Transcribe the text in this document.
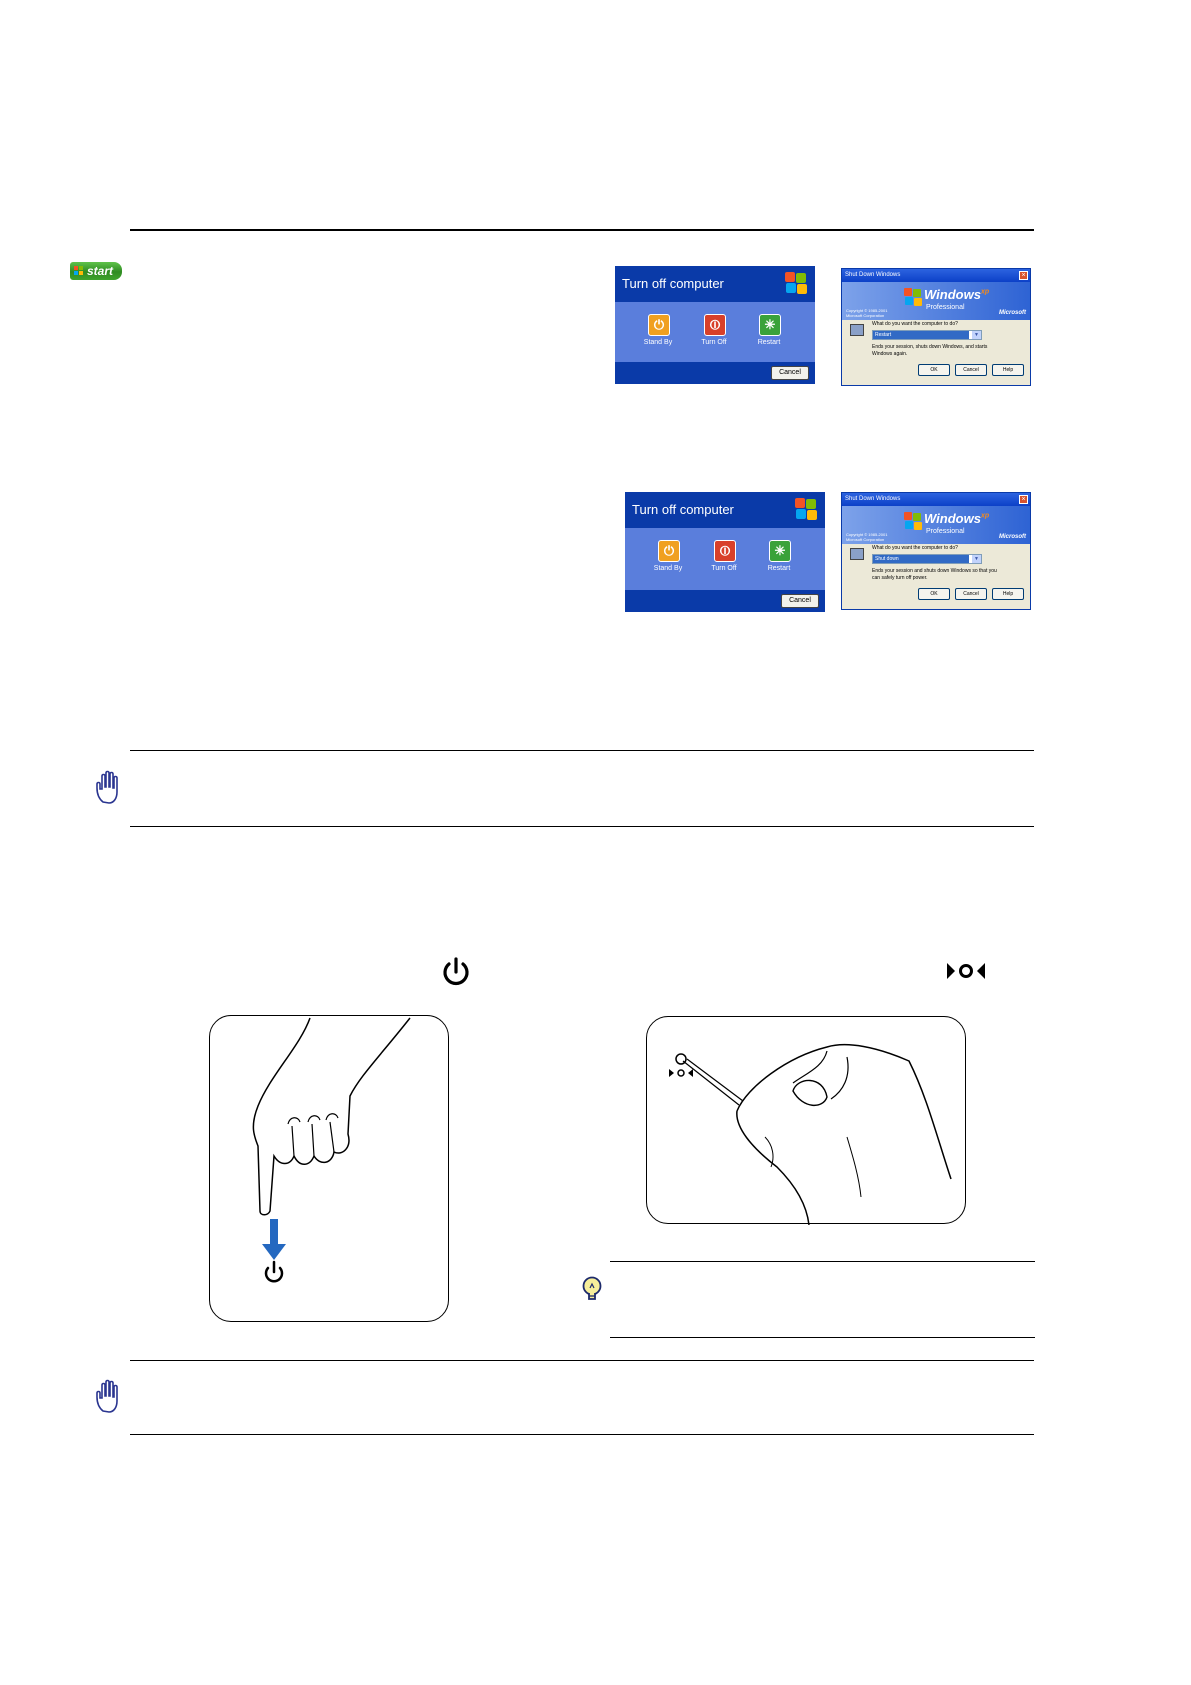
start
Turn off computer
⏻
Stand By
⏼
Turn Off
✳
Restart
Cancel
Shut Down Windows	×
Windows$^{xp}$
Professional
Copyright © 1985-2001 Microsoft Corporation	Microsoft
What do you want the computer to do?
Restart	▼
Ends your session, shuts down Windows, and starts Windows again.
OK	Cancel	Help
Turn off computer
⏻
Stand By
⏼
Turn Off
✳
Restart
Cancel
Shut Down Windows	×
Windows$^{xp}$
Professional
Copyright © 1985-2001 Microsoft Corporation	Microsoft
What do you want the computer to do?
Shut down	▼
Ends your session and shuts down Windows so that you can safely turn off power.
OK	Cancel	Help
